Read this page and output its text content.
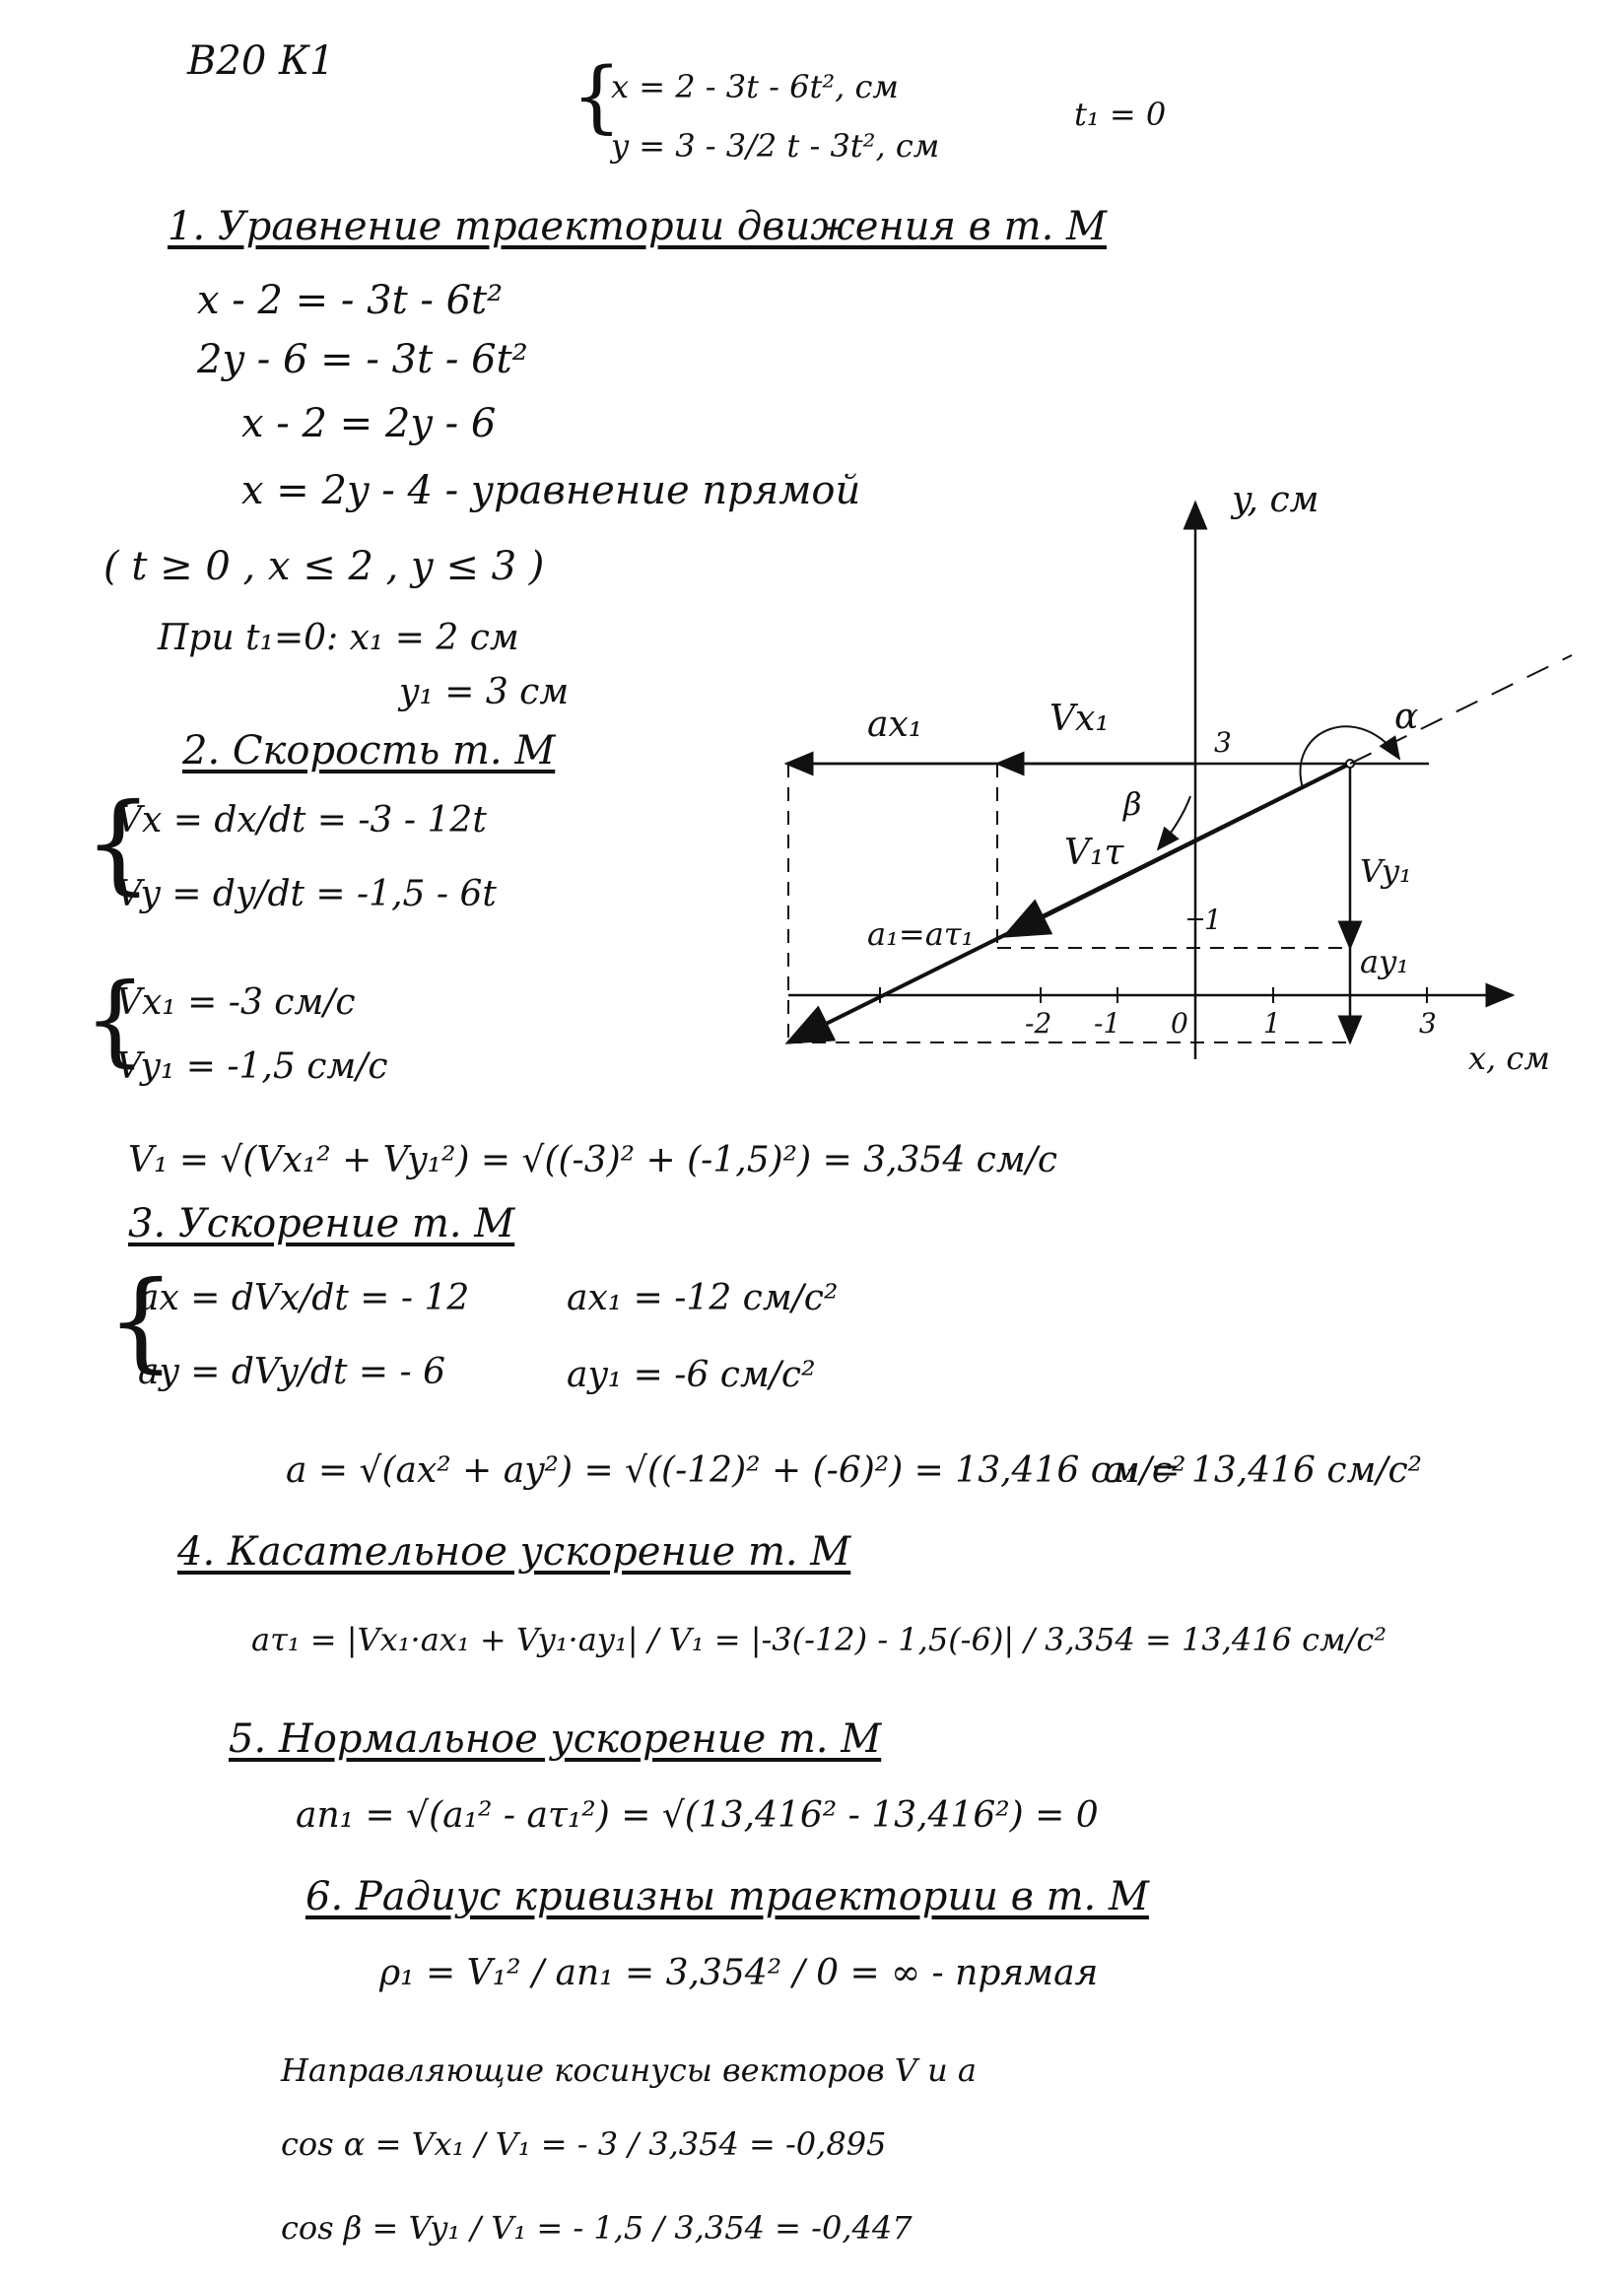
В20 К1	{
x = 2 - 3t - 6t², см
y = 3 - 3/2 t - 3t², см
t₁ = 0
1. Уравнение траектории движения в т. М
x - 2 = - 3t - 6t²
2y - 6 = - 3t - 6t²
x - 2 = 2y - 6
x = 2y - 4 - уравнение прямой
( t ≥ 0 , x ≤ 2 , y ≤ 3 )
При t₁=0: x₁ = 2 см
y₁ = 3 см
2. Скорость т. М
{
Vx = dx/dt = -3 - 12t
Vy = dy/dt = -1,5 - 6t
{
Vx₁ = -3 см/с
Vy₁ = -1,5 см/с
V₁ = √(Vx₁² + Vy₁²) = √((-3)² + (-1,5)²) = 3,354 см/с
3. Ускорение т. М
{
ax = dVx/dt = - 12
ay = dVy/dt = - 6
ax₁ = -12 см/с²
ay₁ = -6 см/с²
a = √(ax² + ay²) = √((-12)² + (-6)²) = 13,416 см/с²
a₁ = 13,416 см/с²
4. Касательное ускорение т. М
aτ₁ = |Vx₁·ax₁ + Vy₁·ay₁| / V₁ = |-3(-12) - 1,5(-6)| / 3,354 = 13,416 см/с²
5. Нормальное ускорение т. М
an₁ = √(a₁² - aτ₁²) = √(13,416² - 13,416²) = 0
6. Радиус кривизны траектории в т. М
ρ₁ = V₁² / an₁ = 3,354² / 0 = ∞ - прямая
Направляющие косинусы векторов V и a
cos α = Vx₁ / V₁ = - 3 / 3,354 = -0,895
cos β = Vy₁ / V₁ = - 1,5 / 3,354 = -0,447
y, см
x, см
ax₁	Vx₁
Vy₁
ay₁
V₁τ
a₁=aτ₁
α
β
-2 -1 0	1	3
3
1
